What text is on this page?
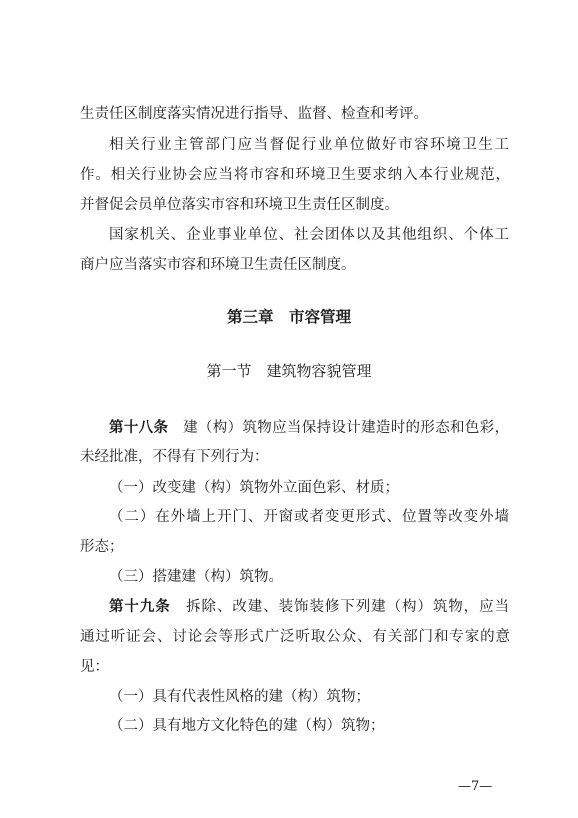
生责任区制度落实情况进行指导、监督、检查和考评。
相关行业主管部门应当督促行业单位做好市容环境卫生工
作。相关行业协会应当将市容和环境卫生要求纳入本行业规范，
并督促会员单位落实市容和环境卫生责任区制度。
国家机关、企业事业单位、社会团体以及其他组织、个体工
商户应当落实市容和环境卫生责任区制度。
第三章　市容管理
第一节　建筑物容貌管理
第十八条　 建（构）筑物应当保持设计建造时的形态和色彩，
未经批准，不得有下列行为：
（一）改变建（构）筑物外立面色彩、材质；
（二）在外墙上开门、开窗或者变更形式、位置等改变外墙
形态；
（三）搭建建（构）筑物。
第十九条　 拆除、改建、装饰装修下列建（构）筑物，应当
通过听证会、讨论会等形式广泛听取公众、有关部门和专家的意
见：
（一）具有代表性风格的建（构）筑物；
（二）具有地方文化特色的建（构）筑物；
—7—
